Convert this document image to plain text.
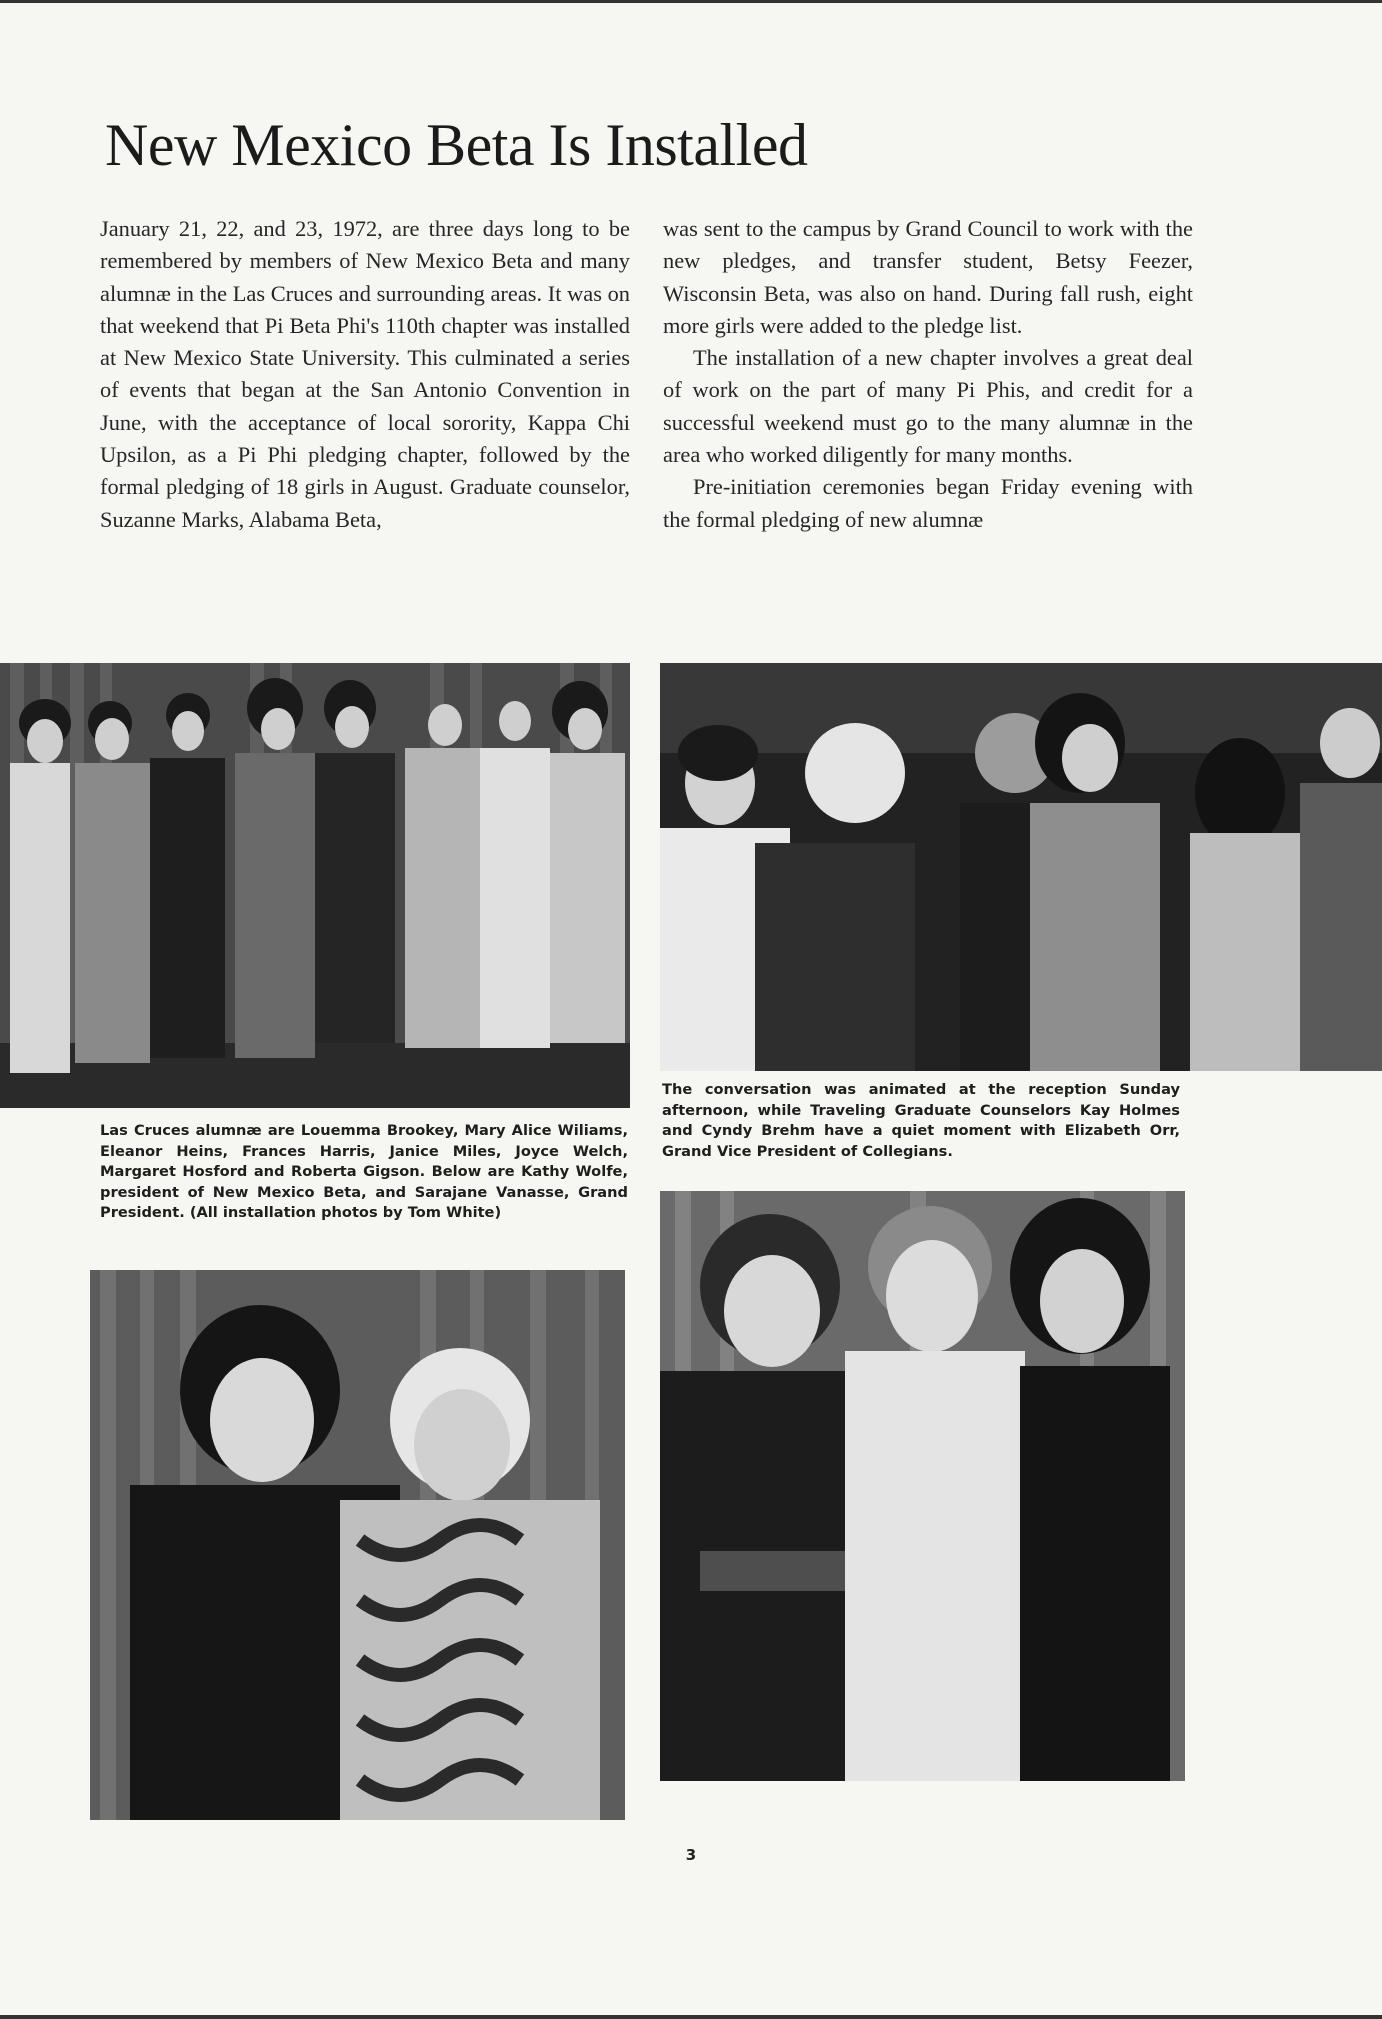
New Mexico Beta Is Installed

January 21, 22, and 23, 1972, are three days long to be remembered by members of New Mexico Beta and many alumnæ in the Las Cruces and surrounding areas. It was on that weekend that Pi Beta Phi's 110th chapter was installed at New Mexico State University. This culminated a series of events that began at the San Antonio Convention in June, with the acceptance of local sorority, Kappa Chi Upsilon, as a Pi Phi pledging chapter, followed by the formal pledging of 18 girls in August. Graduate counselor, Suzanne Marks, Alabama Beta,

was sent to the campus by Grand Council to work with the new pledges, and transfer student, Betsy Feezer, Wisconsin Beta, was also on hand. During fall rush, eight more girls were added to the pledge list.

The installation of a new chapter involves a great deal of work on the part of many Pi Phis, and credit for a successful weekend must go to the many alumnæ in the area who worked diligently for many months.

Pre-initiation ceremonies began Friday evening with the formal pledging of new alumnæ

The conversation was animated at the reception Sunday afternoon, while Traveling Graduate Counselors Kay Holmes and Cyndy Brehm have a quiet moment with Elizabeth Orr, Grand Vice President of Collegians.

Las Cruces alumnæ are Louemma Brookey, Mary Alice Wiliams, Eleanor Heins, Frances Harris, Janice Miles, Joyce Welch, Margaret Hosford and Roberta Gigson. Below are Kathy Wolfe, president of New Mexico Beta, and Sarajane Vanasse, Grand President. (All installation photos by Tom White)

3
